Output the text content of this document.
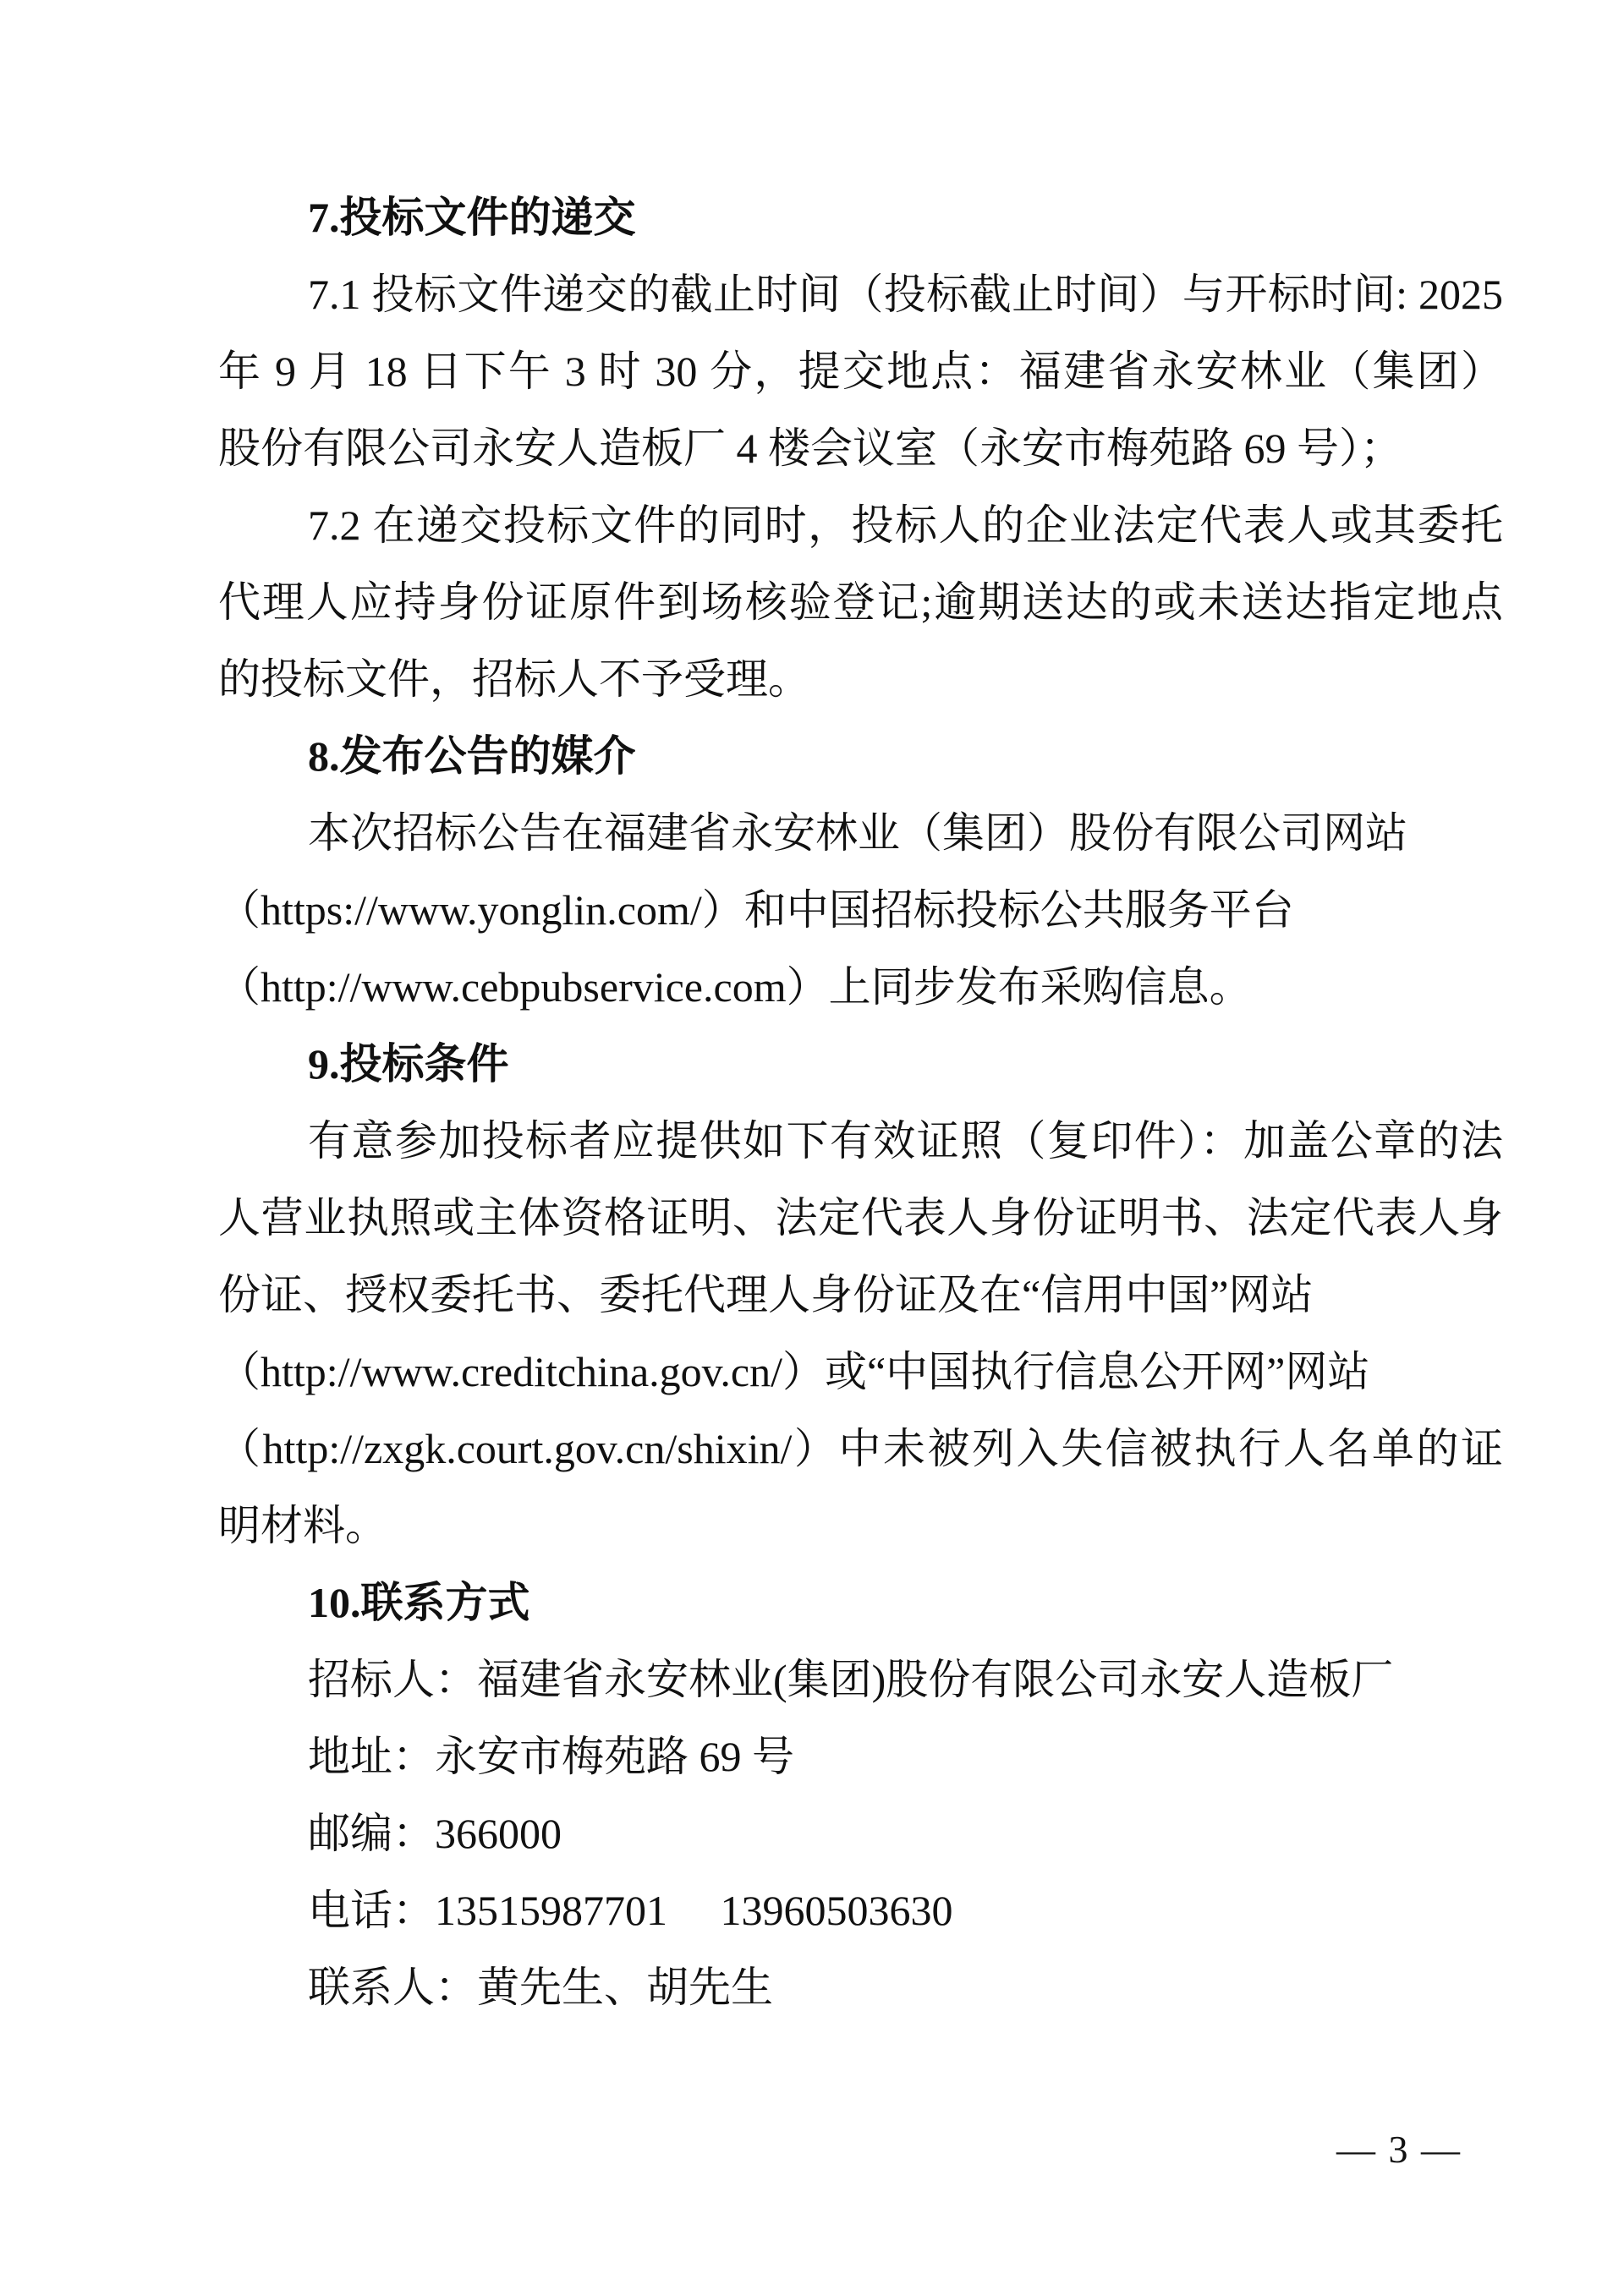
7.投标文件的递交

7.1 投标文件递交的截止时间（投标截止时间）与开标时间: 2025

年 9 月 18 日下午 3 时 30 分，提交地点：福建省永安林业（集团）

股份有限公司永安人造板厂 4 楼会议室（永安市梅苑路 69 号）；

7.2 在递交投标文件的同时，投标人的企业法定代表人或其委托

代理人应持身份证原件到场核验登记;逾期送达的或未送达指定地点

的投标文件，招标人不予受理。

8.发布公告的媒介

本次招标公告在福建省永安林业（集团）股份有限公司网站

（https://www.yonglin.com/）和中国招标投标公共服务平台

（http://www.cebpubservice.com）上同步发布采购信息。

9.投标条件

有意参加投标者应提供如下有效证照（复印件）：加盖公章的法

人营业执照或主体资格证明、法定代表人身份证明书、法定代表人身

份证、授权委托书、委托代理人身份证及在“信用中国”网站

（http://www.creditchina.gov.cn/）或“中国执行信息公开网”网站

（http://zxgk.court.gov.cn/shixin/）中未被列入失信被执行人名单的证

明材料。

10.联系方式

招标人：福建省永安林业(集团)股份有限公司永安人造板厂

地址：永安市梅苑路 69 号

邮编：366000

电话：13515987701　 13960503630

联系人：黄先生、胡先生

— 3 —
